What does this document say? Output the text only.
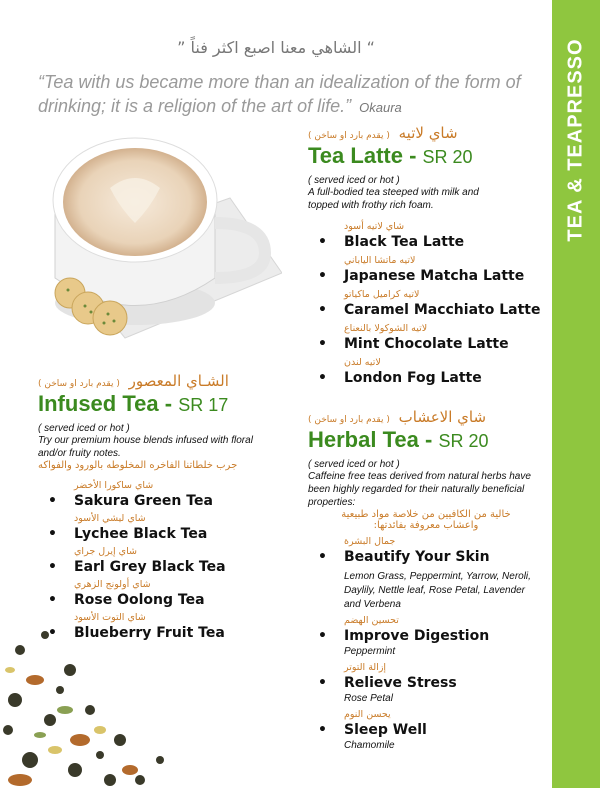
TEA & TEAPRESSO
“ الشاهي معنا اصبع اكثر فناً ”
“Tea with us became more than an idealization of the form of drinking; it is a religion of the art of life.” Okaura
( يقدم بارد او ساخن ) شاي لاتيه
Tea Latte - SR 20
( served iced or hot )
A full-bodied tea steeped with milk and topped with frothy rich foam.
شاي لاتيه أسود
• Black Tea Latte
لاتيه ماتشا الياباني
• Japanese Matcha Latte
لاتيه كراميل ماكياتو
• Caramel Macchiato Latte
لاتيه الشوكولا بالنعناع
• Mint Chocolate Latte
لاتيه لندن
• London Fog Latte
( يقدم بارد او ساخن ) الشـاي المعصور
Infused Tea - SR 17
( served iced or hot )
Try our premium house blends infused with floral and/or fruity notes.
جرب خلطاتنا الفاخره المخلوطه بالورود والفواكه
شاي ساكورا الأخضر
• Sakura Green Tea
شاي ليشي الأسود
• Lychee Black Tea
شاي إيرل جراي
• Earl Grey Black Tea
شاي أولونج الزهري
• Rose Oolong Tea
شاي التوت الأسود
• Blueberry Fruit Tea
( يقدم بارد او ساخن ) شاي الاعشاب
Herbal Tea - SR 20
( served iced or hot )
Caffeine free teas derived from natural herbs have been highly regarded for their naturally beneficial properties:
خالية من الكافيين من خلاصة مواد طبيعية
واعشاب معروفة بفائدتها:
جمال البشرة
• Beautify Your Skin
Lemon Grass, Peppermint, Yarrow, Neroli, Daylily, Nettle leaf, Rose Petal, Lavender and Verbena
تحسين الهضم
• Improve Digestion
Peppermint
إزالة التوتر
• Relieve Stress
Rose Petal
يحسن النوم
• Sleep Well
Chamomile
